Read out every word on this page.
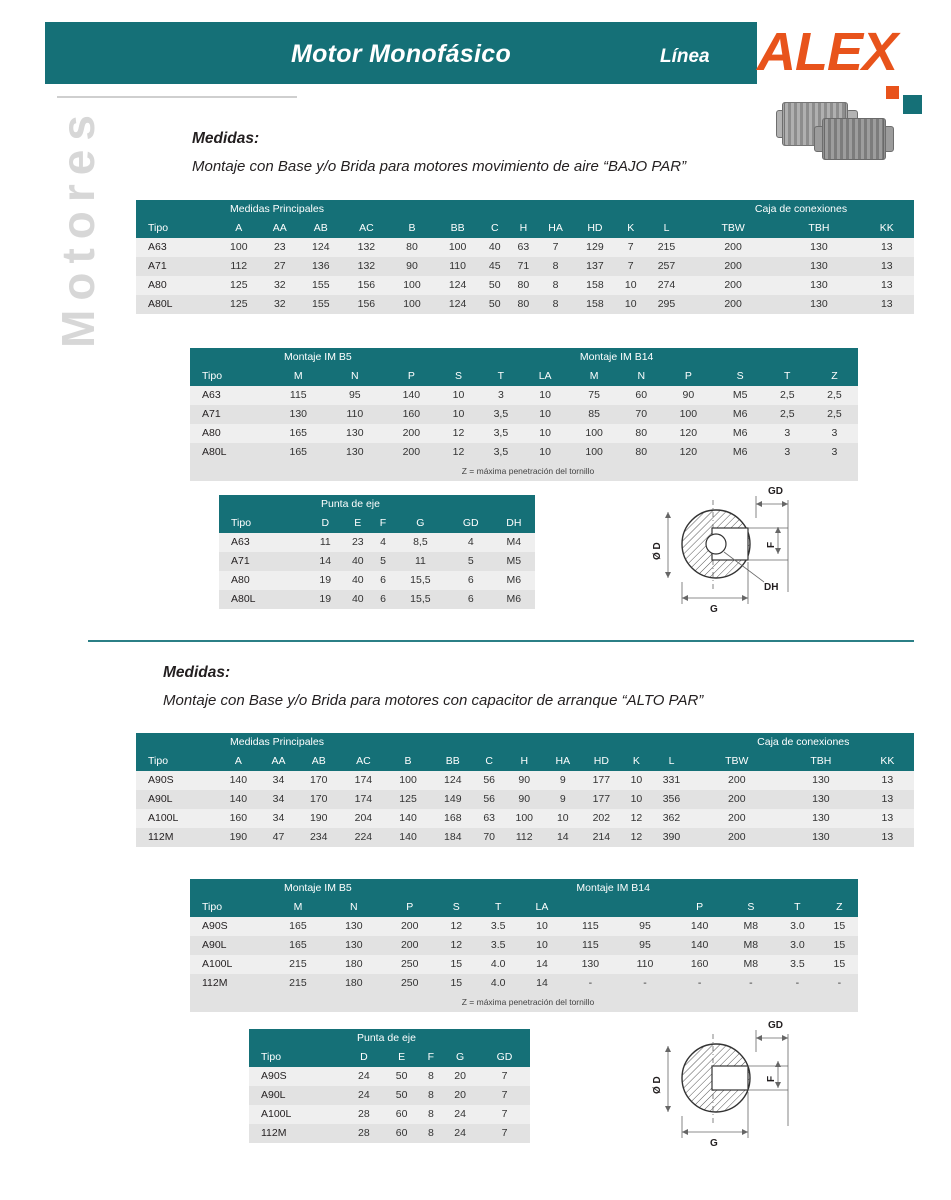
Motor Monofásico	Línea ALEX
Motores	Medidas:
Montaje con Base y/o Brida para motores movimiento de aire “BAJO PAR”
	Medidas Principales												Caja de conexiones		
Tipo	A	AA	AB	AC	B	BB	C	H	HA	HD	K	L	TBW	TBH	KK
A63	100	23	124	132	80	100	40	63	7	129	7	215	200	130	13
A71	112	27	136	132	90	110	45	71	8	137	7	257	200	130	13
A80	125	32	155	156	100	124	50	80	8	158	10	274	200	130	13
A80L	125	32	155	156	100	124	50	80	8	158	10	295	200	130	13
	Montaje IM B5						Montaje IM B14					
Tipo	M	N	P	S	T	LA	M	N	P	S	T	Z
A63	115	95	140	10	3	10	75	60	90	M5	2,5	2,5
A71	130	110	160	10	3,5	10	85	70	100	M6	2,5	2,5
A80	165	130	200	12	3,5	10	100	80	120	M6	3	3
A80L	165	130	200	12	3,5	10	100	80	120	M6	3	3
Z = máxima penetración del tornillo												
	Punta de eje					
Tipo	D	E	F	G	GD	DH
A63	11	23	4	8,5	4	M4
A71	14	40	5	11	5	M5
A80	19	40	6	15,5	6	M6
A80L	19	40	6	15,5	6	M6
GD
F
Ø D
G
DH
Medidas:
Montaje con Base y/o Brida para motores con capacitor de arranque “ALTO PAR”
	Medidas Principales												Caja de conexiones		
Tipo	A	AA	AB	AC	B	BB	C	H	HA	HD	K	L	TBW	TBH	KK
A90S	140	34	170	174	100	124	56	90	9	177	10	331	200	130	13
A90L	140	34	170	174	125	149	56	90	9	177	10	356	200	130	13
A100L	160	34	190	204	140	168	63	100	10	202	12	362	200	130	13
112M	190	47	234	224	140	184	70	112	14	214	12	390	200	130	13
	Montaje IM B5						Montaje IM B14					
Tipo	M	N	P	S	T	LA			P	S	T	Z
A90S	165	130	200	12	3.5	10	115	95	140	M8	3.0	15
A90L	165	130	200	12	3.5	10	115	95	140	M8	3.0	15
A100L	215	180	250	15	4.0	14	130	110	160	M8	3.5	15
112M	215	180	250	15	4.0	14	-	-	-	-	-	-
Z = máxima penetración del tornillo												
	Punta de eje				
Tipo	D	E	F	G	GD
A90S	24	50	8	20	7
A90L	24	50	8	20	7
A100L	28	60	8	24	7
112M	28	60	8	24	7
GD
F
Ø D
G
